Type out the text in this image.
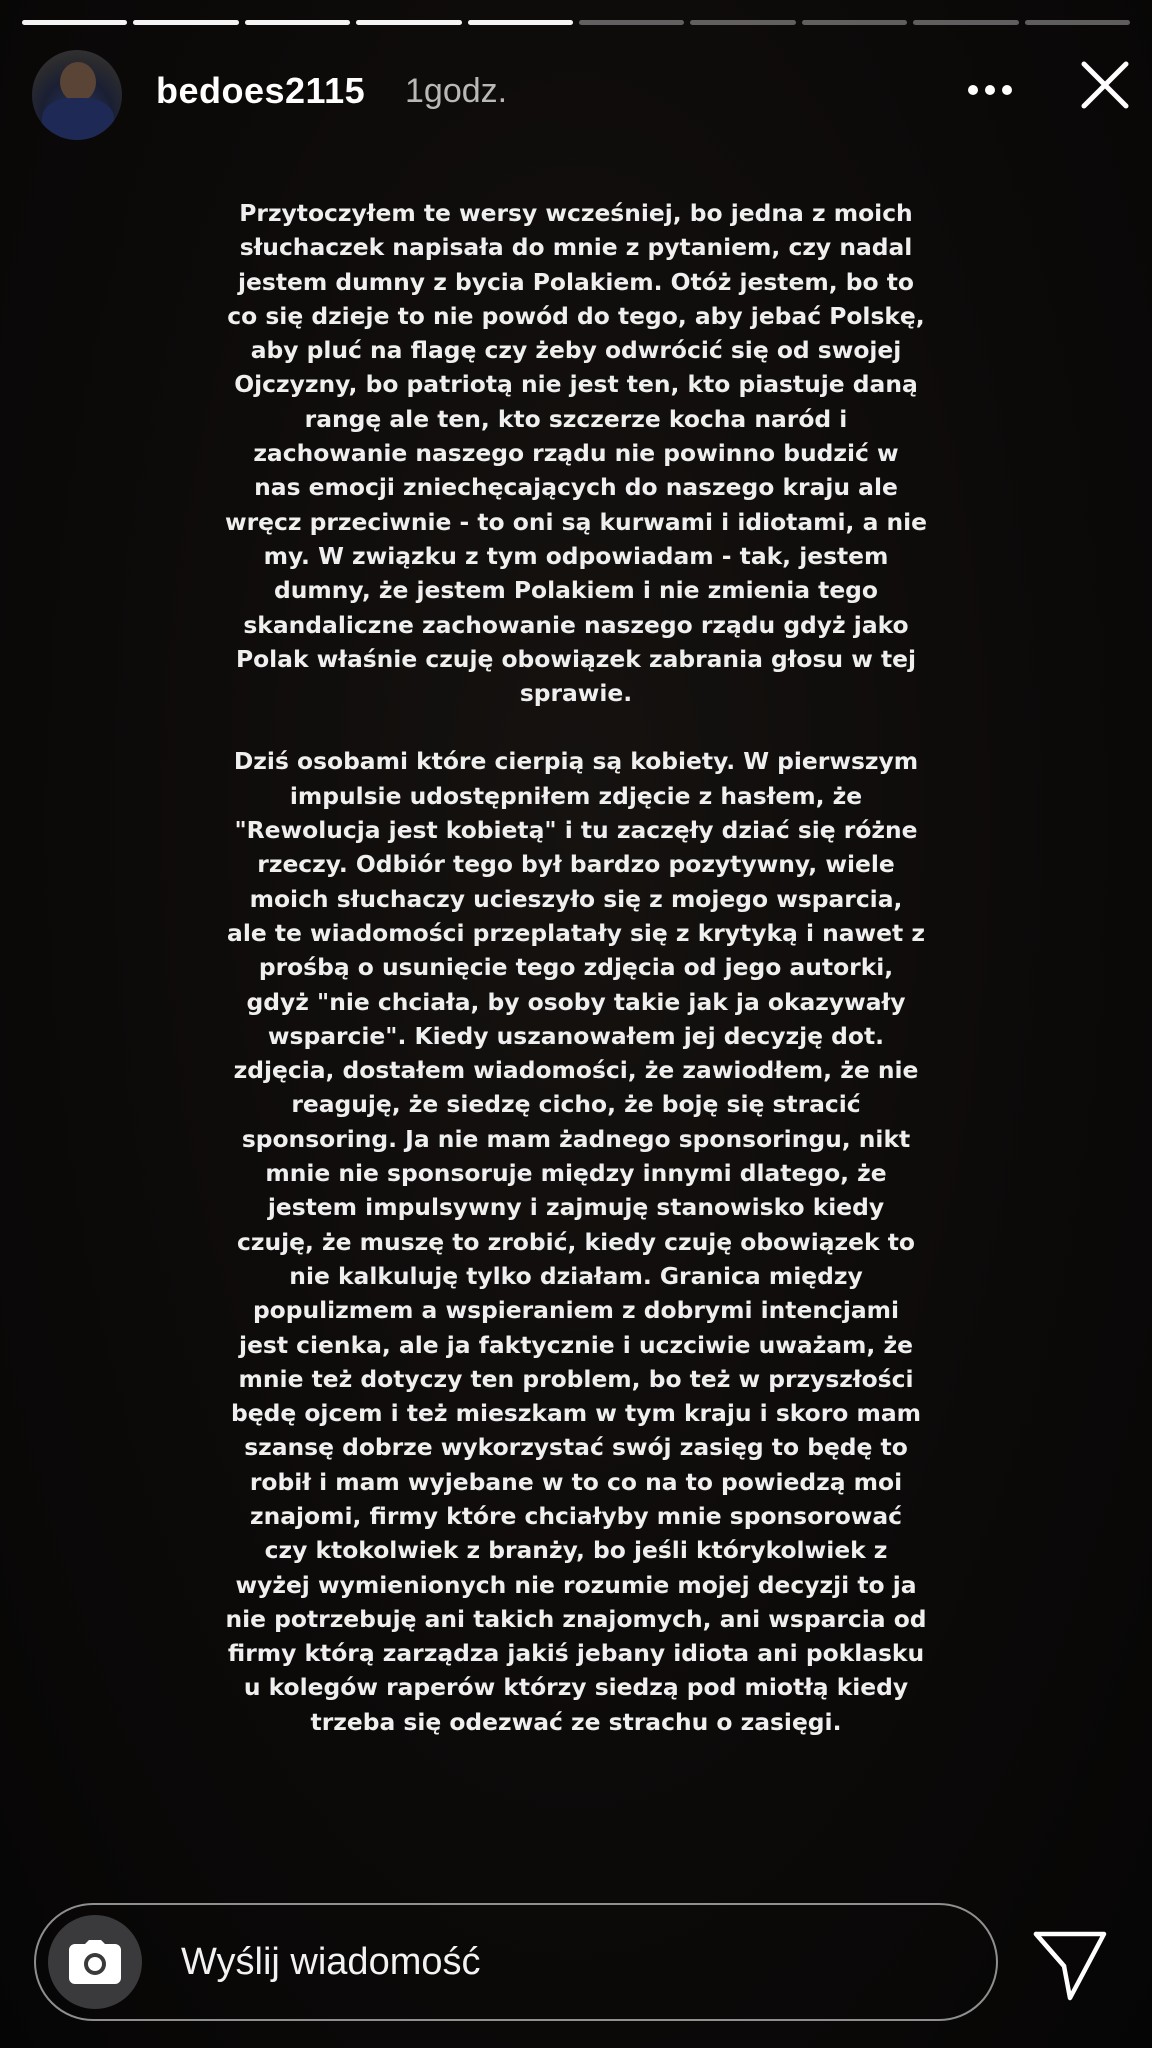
bedoes2115 1godz.

Przytoczyłem te wersy wcześniej, bo jedna z moich
słuchaczek napisała do mnie z pytaniem, czy nadal
jestem dumny z bycia Polakiem. Otóż jestem, bo to
co się dzieje to nie powód do tego, aby jebać Polskę,
aby pluć na flagę czy żeby odwrócić się od swojej
Ojczyzny, bo patriotą nie jest ten, kto piastuje daną
rangę ale ten, kto szczerze kocha naród i
zachowanie naszego rządu nie powinno budzić w
nas emocji zniechęcających do naszego kraju ale
wręcz przeciwnie - to oni są kurwami i idiotami, a nie
my. W związku z tym odpowiadam - tak, jestem
dumny, że jestem Polakiem i nie zmienia tego
skandaliczne zachowanie naszego rządu gdyż jako
Polak właśnie czuję obowiązek zabrania głosu w tej
sprawie.

Dziś osobami które cierpią są kobiety. W pierwszym
impulsie udostępniłem zdjęcie z hasłem, że
"Rewolucja jest kobietą" i tu zaczęły dziać się różne
rzeczy. Odbiór tego był bardzo pozytywny, wiele
moich słuchaczy ucieszyło się z mojego wsparcia,
ale te wiadomości przeplatały się z krytyką i nawet z
prośbą o usunięcie tego zdjęcia od jego autorki,
gdyż "nie chciała, by osoby takie jak ja okazywały
wsparcie". Kiedy uszanowałem jej decyzję dot.
zdjęcia, dostałem wiadomości, że zawiodłem, że nie
reaguję, że siedzę cicho, że boję się stracić
sponsoring. Ja nie mam żadnego sponsoringu, nikt
mnie nie sponsoruje między innymi dlatego, że
jestem impulsywny i zajmuję stanowisko kiedy
czuję, że muszę to zrobić, kiedy czuję obowiązek to
nie kalkuluję tylko działam. Granica między
populizmem a wspieraniem z dobrymi intencjami
jest cienka, ale ja faktycznie i uczciwie uważam, że
mnie też dotyczy ten problem, bo też w przyszłości
będę ojcem i też mieszkam w tym kraju i skoro mam
szansę dobrze wykorzystać swój zasięg to będę to
robił i mam wyjebane w to co na to powiedzą moi
znajomi, firmy które chciałyby mnie sponsorować
czy ktokolwiek z branży, bo jeśli którykolwiek z
wyżej wymienionych nie rozumie mojej decyzji to ja
nie potrzebuję ani takich znajomych, ani wsparcia od
firmy którą zarządza jakiś jebany idiota ani poklasku
u kolegów raperów którzy siedzą pod miotłą kiedy
trzeba się odezwać ze strachu o zasięgi.

Wyślij wiadomość
